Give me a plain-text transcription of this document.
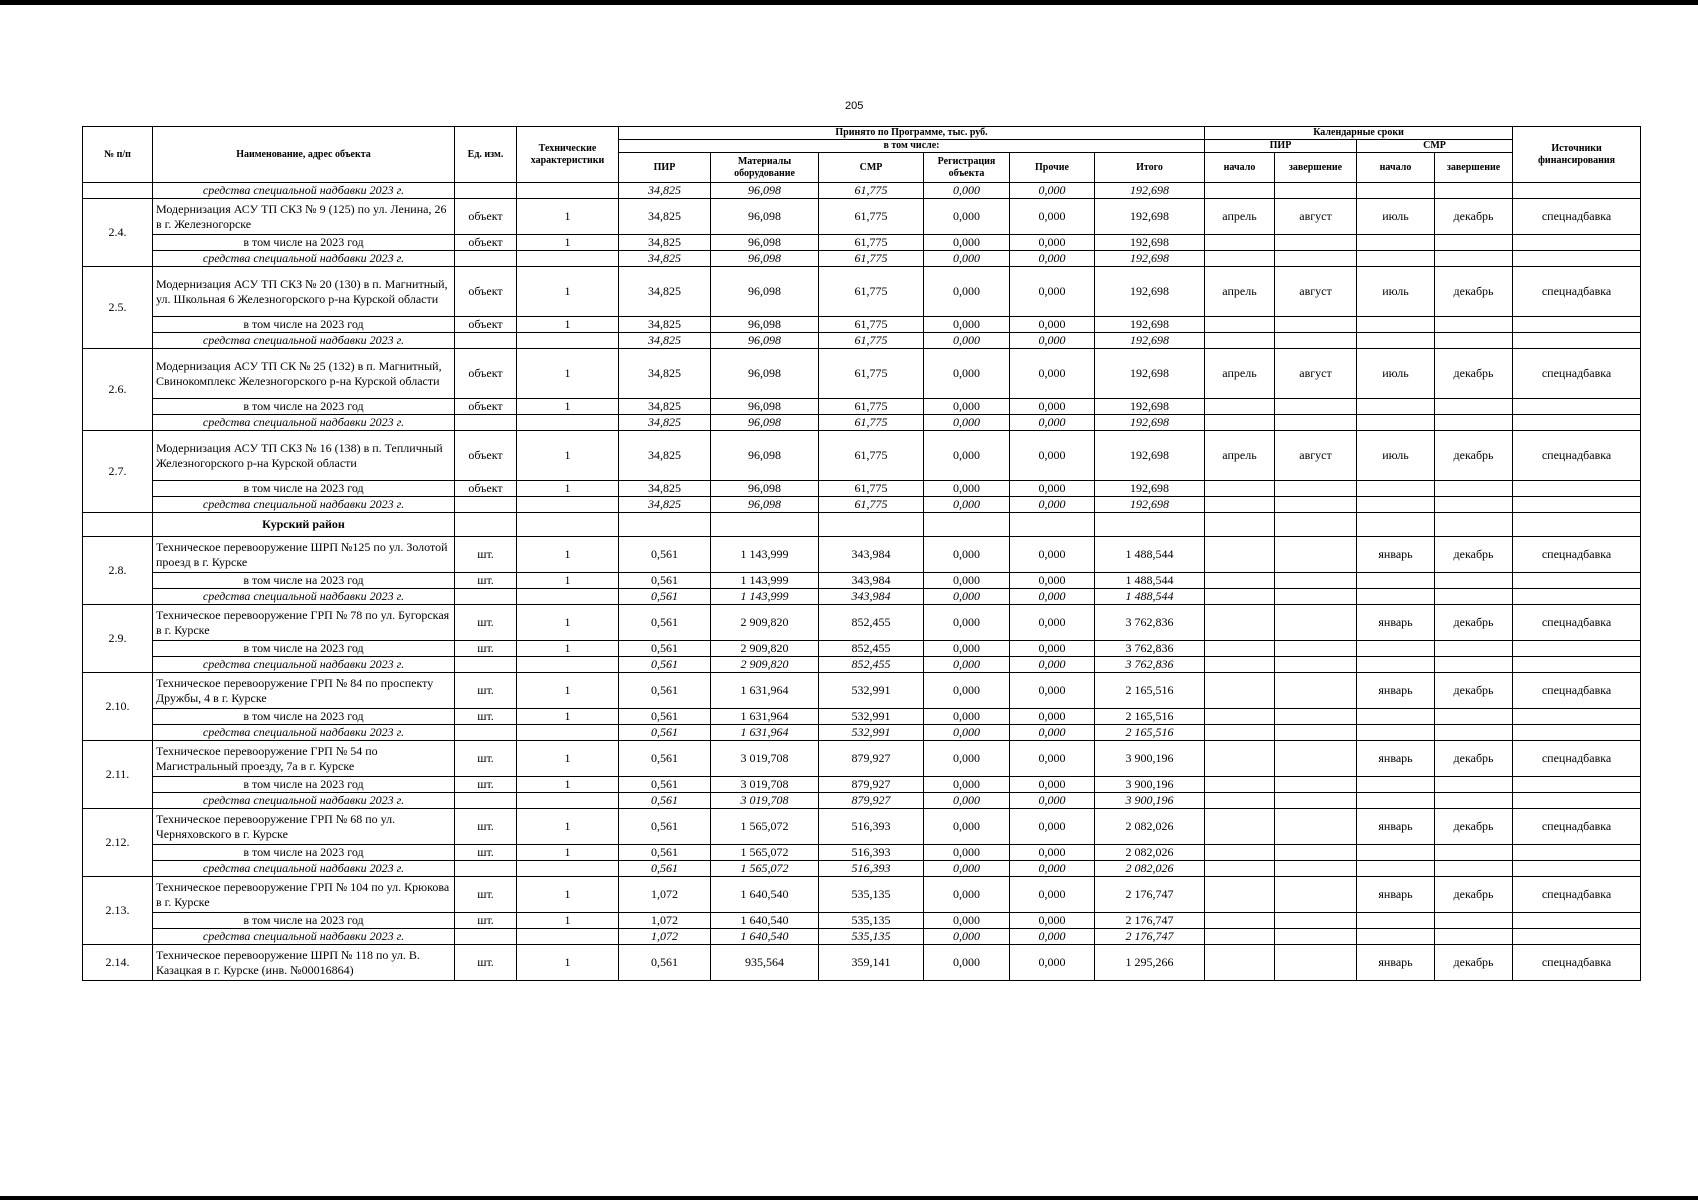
205
№ п/п	Наименование, адрес объекта	Ед. изм.	Технические характеристики	Принято по Программе, тыс. руб.						Календарные сроки				Источники финансирования
				в том числе:						ПИР		СМР		
				ПИР	Материалы оборудование	СМР	Регистрация объекта	Прочие	Итого	начало	завершение	начало	завершение	
	средства специальной надбавки 2023 г.			34,825	96,098	61,775	0,000	0,000	192,698					
2.4.	Модернизация АСУ ТП СКЗ № 9 (125) по ул. Ленина, 26 в г. Железногорске	объект	1	34,825	96,098	61,775	0,000	0,000	192,698	апрель	август	июль	декабрь	спецнадбавка
	в том числе на 2023 год	объект	1	34,825	96,098	61,775	0,000	0,000	192,698					
	средства специальной надбавки 2023 г.			34,825	96,098	61,775	0,000	0,000	192,698					
2.5.	Модернизация АСУ ТП СКЗ № 20 (130) в п. Магнитный, ул. Школьная 6 Железногорского р-на Курской области	объект	1	34,825	96,098	61,775	0,000	0,000	192,698	апрель	август	июль	декабрь	спецнадбавка
	в том числе на 2023 год	объект	1	34,825	96,098	61,775	0,000	0,000	192,698					
	средства специальной надбавки 2023 г.			34,825	96,098	61,775	0,000	0,000	192,698					
2.6.	Модернизация АСУ ТП СК № 25 (132) в п. Магнитный, Свинокомплекс Железногорского р-на Курской области	объект	1	34,825	96,098	61,775	0,000	0,000	192,698	апрель	август	июль	декабрь	спецнадбавка
	в том числе на 2023 год	объект	1	34,825	96,098	61,775	0,000	0,000	192,698					
	средства специальной надбавки 2023 г.			34,825	96,098	61,775	0,000	0,000	192,698					
2.7.	Модернизация АСУ ТП СКЗ № 16 (138) в п. Тепличный Железногорского р-на Курской области	объект	1	34,825	96,098	61,775	0,000	0,000	192,698	апрель	август	июль	декабрь	спецнадбавка
	в том числе на 2023 год	объект	1	34,825	96,098	61,775	0,000	0,000	192,698					
	средства специальной надбавки 2023 г.			34,825	96,098	61,775	0,000	0,000	192,698					
	Курский район													
2.8.	Техническое перевооружение ШРП №125 по ул. Золотой проезд в г. Курске	шт.	1	0,561	1 143,999	343,984	0,000	0,000	1 488,544			январь	декабрь	спецнадбавка
	в том числе на 2023 год	шт.	1	0,561	1 143,999	343,984	0,000	0,000	1 488,544					
	средства специальной надбавки 2023 г.			0,561	1 143,999	343,984	0,000	0,000	1 488,544					
2.9.	Техническое перевооружение ГРП № 78 по ул. Бугорская в г. Курске	шт.	1	0,561	2 909,820	852,455	0,000	0,000	3 762,836			январь	декабрь	спецнадбавка
	в том числе на 2023 год	шт.	1	0,561	2 909,820	852,455	0,000	0,000	3 762,836					
	средства специальной надбавки 2023 г.			0,561	2 909,820	852,455	0,000	0,000	3 762,836					
2.10.	Техническое перевооружение ГРП № 84 по проспекту Дружбы, 4 в г. Курске	шт.	1	0,561	1 631,964	532,991	0,000	0,000	2 165,516			январь	декабрь	спецнадбавка
	в том числе на 2023 год	шт.	1	0,561	1 631,964	532,991	0,000	0,000	2 165,516					
	средства специальной надбавки 2023 г.			0,561	1 631,964	532,991	0,000	0,000	2 165,516					
2.11.	Техническое перевооружение ГРП № 54 по Магистральный проезду, 7а в г. Курске	шт.	1	0,561	3 019,708	879,927	0,000	0,000	3 900,196			январь	декабрь	спецнадбавка
	в том числе на 2023 год	шт.	1	0,561	3 019,708	879,927	0,000	0,000	3 900,196					
	средства специальной надбавки 2023 г.			0,561	3 019,708	879,927	0,000	0,000	3 900,196					
2.12.	Техническое перевооружение ГРП № 68 по ул. Черняховского в г. Курске	шт.	1	0,561	1 565,072	516,393	0,000	0,000	2 082,026			январь	декабрь	спецнадбавка
	в том числе на 2023 год	шт.	1	0,561	1 565,072	516,393	0,000	0,000	2 082,026					
	средства специальной надбавки 2023 г.			0,561	1 565,072	516,393	0,000	0,000	2 082,026					
2.13.	Техническое перевооружение ГРП № 104 по ул. Крюкова в г. Курске	шт.	1	1,072	1 640,540	535,135	0,000	0,000	2 176,747			январь	декабрь	спецнадбавка
	в том числе на 2023 год	шт.	1	1,072	1 640,540	535,135	0,000	0,000	2 176,747					
	средства специальной надбавки 2023 г.			1,072	1 640,540	535,135	0,000	0,000	2 176,747					
2.14.	Техническое перевооружение ШРП № 118 по ул. В. Казацкая в г. Курске (инв. №00016864)	шт.	1	0,561	935,564	359,141	0,000	0,000	1 295,266			январь	декабрь	спецнадбавка
